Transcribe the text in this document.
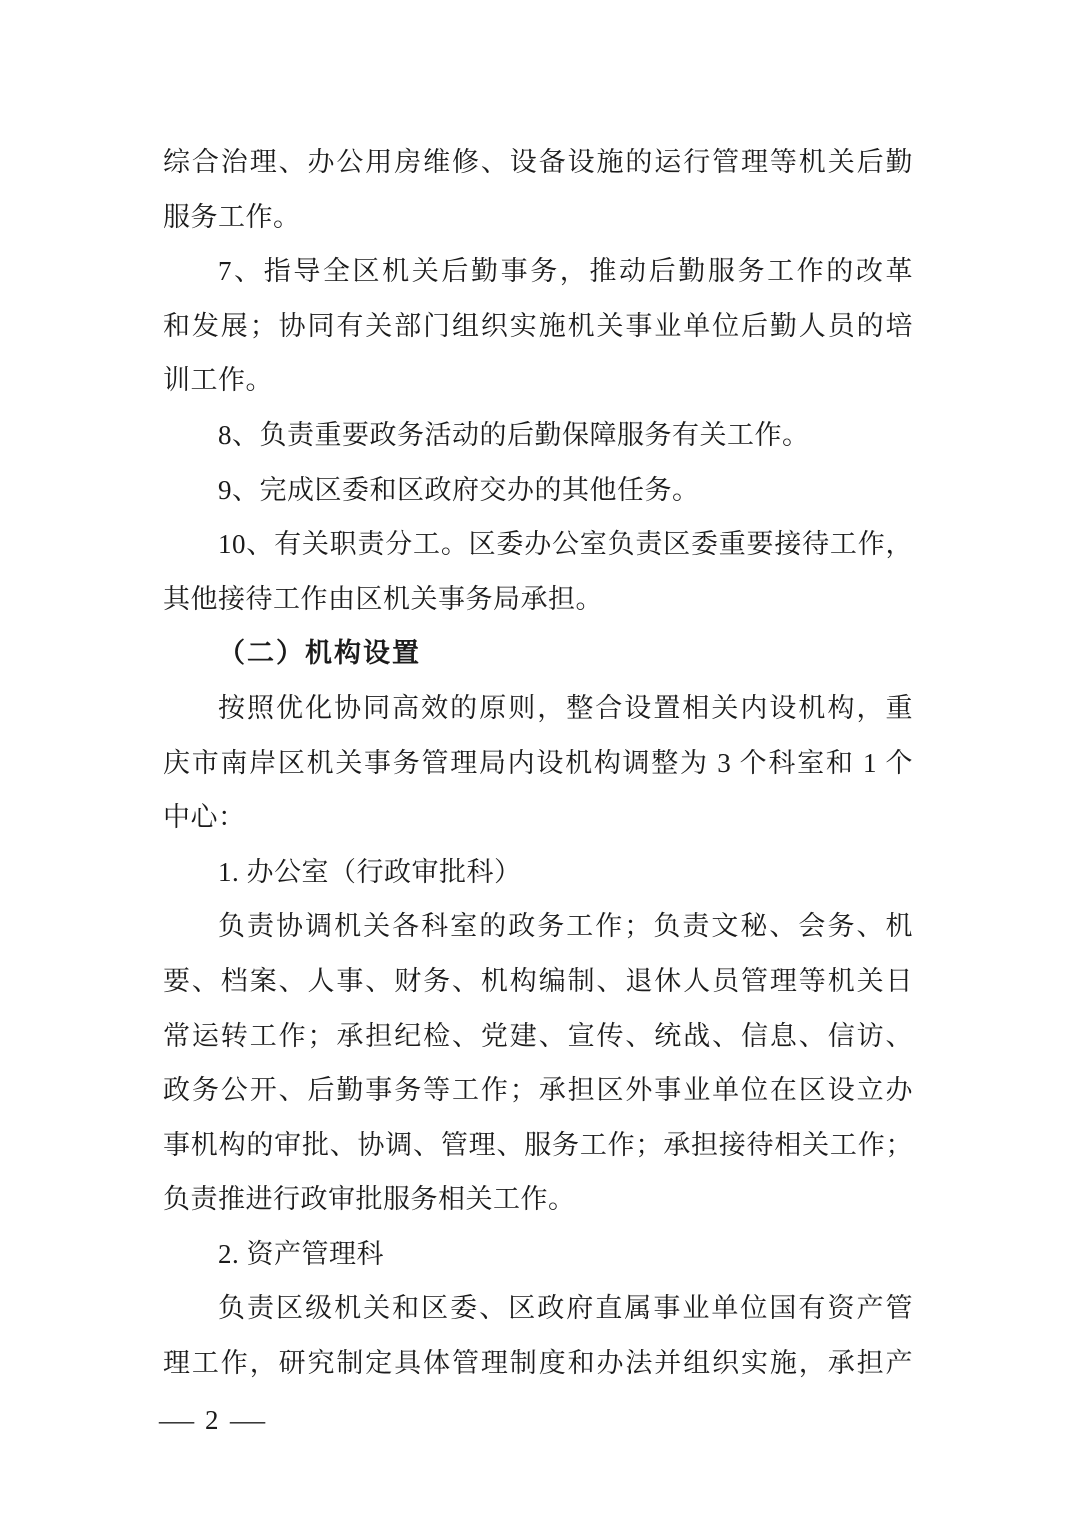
综合治理、办公用房维修、设备设施的运行管理等机关后勤
服务工作。
7、指导全区机关后勤事务，推动后勤服务工作的改革
和发展；协同有关部门组织实施机关事业单位后勤人员的培
训工作。
8、负责重要政务活动的后勤保障服务有关工作。
9、完成区委和区政府交办的其他任务。
10、有关职责分工。区委办公室负责区委重要接待工作，
其他接待工作由区机关事务局承担。
（二）机构设置
按照优化协同高效的原则，整合设置相关内设机构，重
庆市南岸区机关事务管理局内设机构调整为 3 个科室和 1 个
中心：
1. 办公室（行政审批科）
负责协调机关各科室的政务工作；负责文秘、会务、机
要、档案、人事、财务、机构编制、退休人员管理等机关日
常运转工作；承担纪检、党建、宣传、统战、信息、信访、
政务公开、后勤事务等工作；承担区外事业单位在区设立办
事机构的审批、协调、管理、服务工作；承担接待相关工作；
负责推进行政审批服务相关工作。
2. 资产管理科
负责区级机关和区委、区政府直属事业单位国有资产管
理工作，研究制定具体管理制度和办法并组织实施，承担产
— 2 —
